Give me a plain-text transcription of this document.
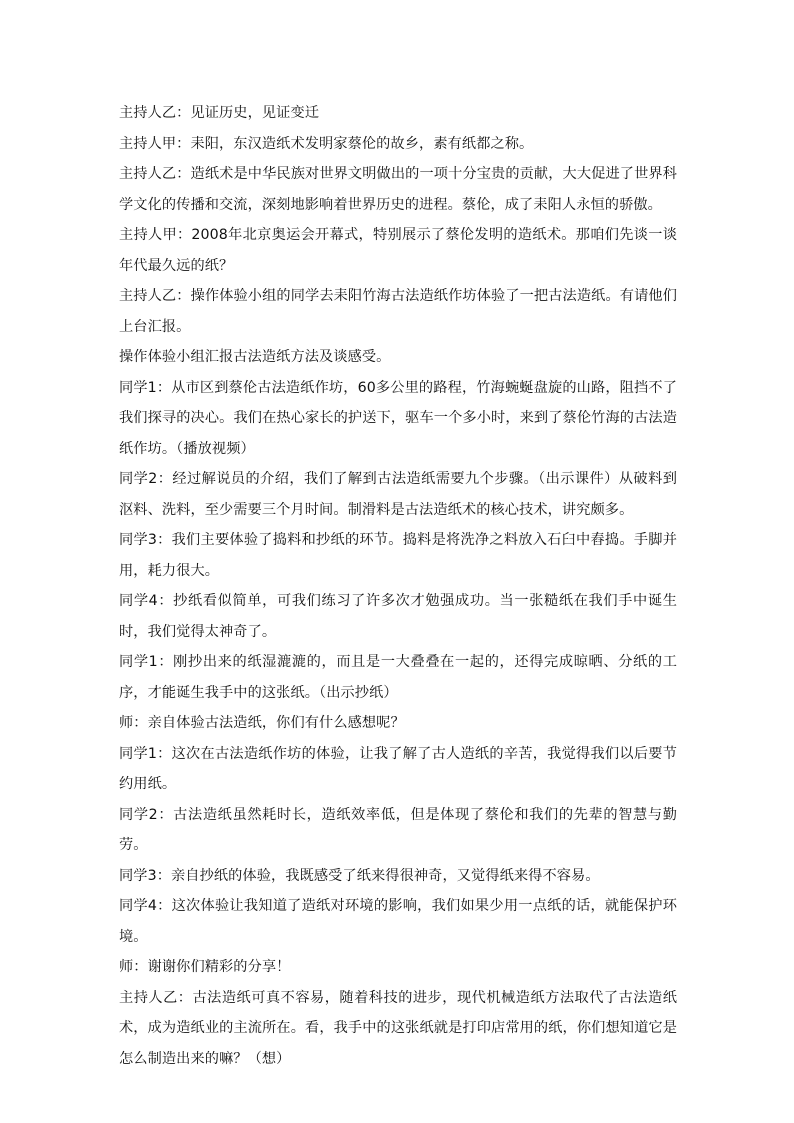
主持人乙：见证历史，见证变迁

主持人甲：耒阳，东汉造纸术发明家蔡伦的故乡，素有纸都之称。

主持人乙：造纸术是中华民族对世界文明做出的一项十分宝贵的贡献，大大促进了世界科学文化的传播和交流，深刻地影响着世界历史的进程。蔡伦，成了耒阳人永恒的骄傲。

主持人甲：2008年北京奥运会开幕式，特别展示了蔡伦发明的造纸术。那咱们先谈一谈年代最久远的纸？

主持人乙：操作体验小组的同学去耒阳竹海古法造纸作坊体验了一把古法造纸。有请他们上台汇报。

操作体验小组汇报古法造纸方法及谈感受。

同学1：从市区到蔡伦古法造纸作坊，60多公里的路程，竹海蜿蜒盘旋的山路，阻挡不了我们探寻的决心。我们在热心家长的护送下，驱车一个多小时，来到了蔡伦竹海的古法造纸作坊。（播放视频）

同学2：经过解说员的介绍，我们了解到古法造纸需要九个步骤。（出示课件）从破料到沤料、洗料，至少需要三个月时间。制滑料是古法造纸术的核心技术，讲究颇多。

同学3：我们主要体验了捣料和抄纸的环节。捣料是将洗净之料放入石臼中舂捣。手脚并用，耗力很大。

同学4：抄纸看似简单，可我们练习了许多次才勉强成功。当一张糙纸在我们手中诞生时，我们觉得太神奇了。

同学1：刚抄出来的纸湿漉漉的，而且是一大叠叠在一起的，还得完成晾晒、分纸的工序，才能诞生我手中的这张纸。（出示抄纸）

师：亲自体验古法造纸，你们有什么感想呢？

同学1：这次在古法造纸作坊的体验，让我了解了古人造纸的辛苦，我觉得我们以后要节约用纸。

同学2：古法造纸虽然耗时长，造纸效率低，但是体现了蔡伦和我们的先辈的智慧与勤劳。

同学3：亲自抄纸的体验，我既感受了纸来得很神奇，又觉得纸来得不容易。

同学4：这次体验让我知道了造纸对环境的影响，我们如果少用一点纸的话，就能保护环境。

师：谢谢你们精彩的分享！

主持人乙：古法造纸可真不容易，随着科技的进步，现代机械造纸方法取代了古法造纸术，成为造纸业的主流所在。看，我手中的这张纸就是打印店常用的纸，你们想知道它是怎么制造出来的嘛？（想）
